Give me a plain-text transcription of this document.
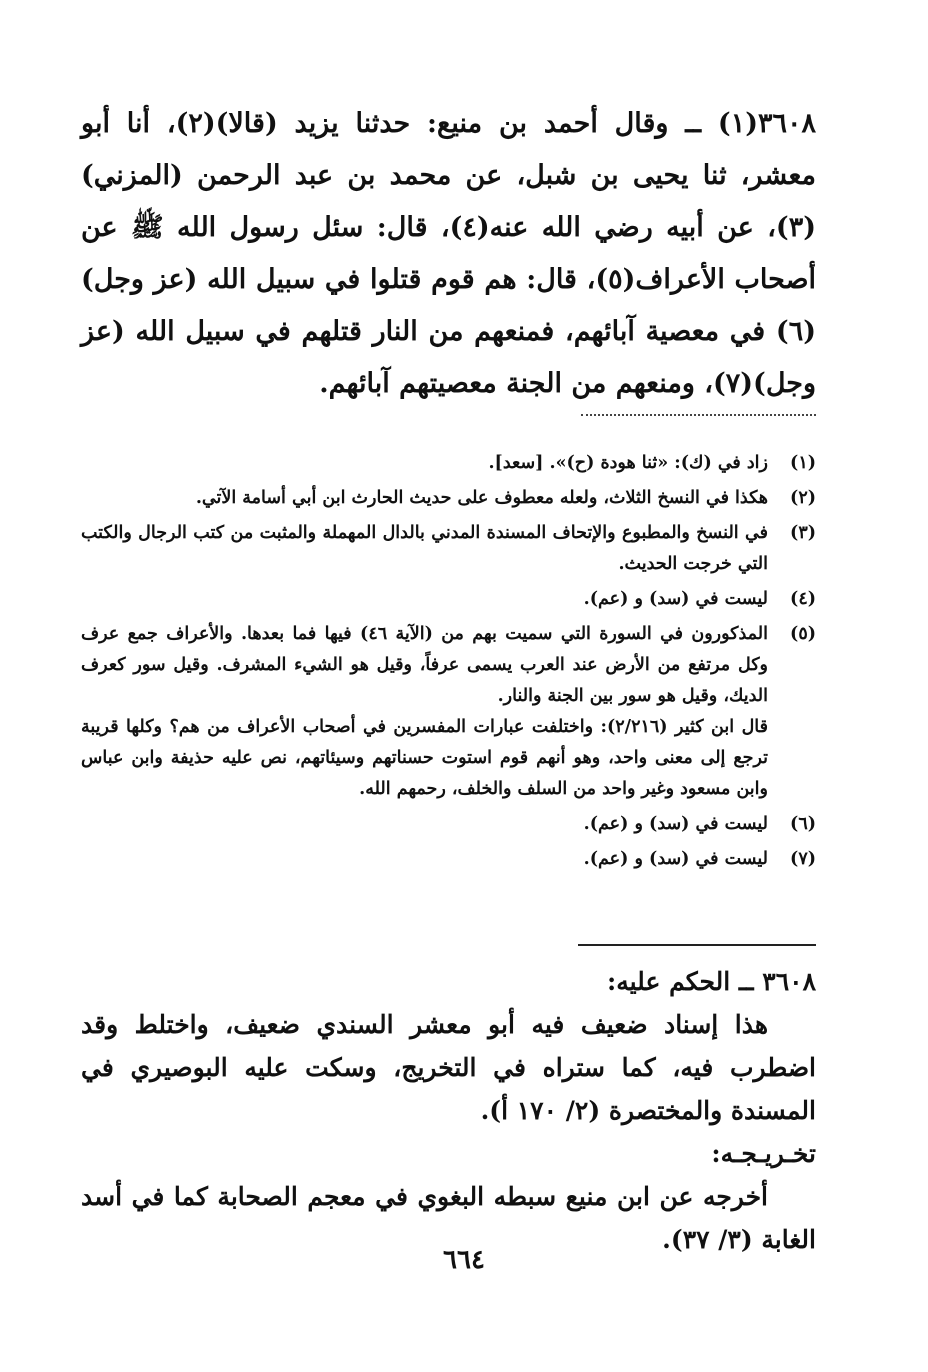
٣٦٠٨(١) ــ وقال أحمد بن منيع: حدثنا يزيد (قالا)(٢)، أنا أبو معشر، ثنا يحيى بن شبل، عن محمد بن عبد الرحمن (المزني)(٣)، عن أبيه رضي الله عنه(٤)، قال: سئل رسول الله ﷺ عن أصحاب الأعراف(٥)، قال: هم قوم قتلوا في سبيل الله (عز وجل)(٦) في معصية آبائهم، فمنعهم من النار قتلهم في سبيل الله (عز وجل)(٧)، ومنعهم من الجنة معصيتهم آبائهم.

(١)
زاد في (ك): «ثنا هودة (ح)». [سعد].
(٢)
هكذا في النسخ الثلاث، ولعله معطوف على حديث الحارث ابن أبي أسامة الآتي.
(٣)
في النسخ والمطبوع والإتحاف المسندة المدني بالدال المهملة والمثبت من كتب الرجال والكتب التي خرجت الحديث.
(٤)
ليست في (سد) و (عم).
(٥)
المذكورون في السورة التي سميت بهم من (الآية ٤٦) فيها فما بعدها. والأعراف جمع عرف وكل مرتفع من الأرض عند العرب يسمى عرفاً، وقيل هو الشيء المشرف. وقيل سور كعرف الديك، وقيل هو سور بين الجنة والنار.
قال ابن كثير (٢/٢١٦): واختلفت عبارات المفسرين في أصحاب الأعراف من هم؟ وكلها قريبة ترجع إلى معنى واحد، وهو أنهم قوم استوت حسناتهم وسيئاتهم، نص عليه حذيفة وابن عباس وابن مسعود وغير واحد من السلف والخلف، رحمهم الله.
(٦)
ليست في (سد) و (عم).
(٧)
ليست في (سد) و (عم).

٣٦٠٨ ــ الحكم عليه:

هذا إسناد ضعيف فيه أبو معشر السندي ضعيف، واختلط وقد اضطرب فيه، كما ستراه في التخريج، وسكت عليه البوصيري في المسندة والمختصرة (٢/ ١٧٠ أ).

تخـريـجـه:

أخرجه عن ابن منيع سبطه البغوي في معجم الصحابة كما في أسد الغابة (٣/ ٣٧).

٦٦٤
